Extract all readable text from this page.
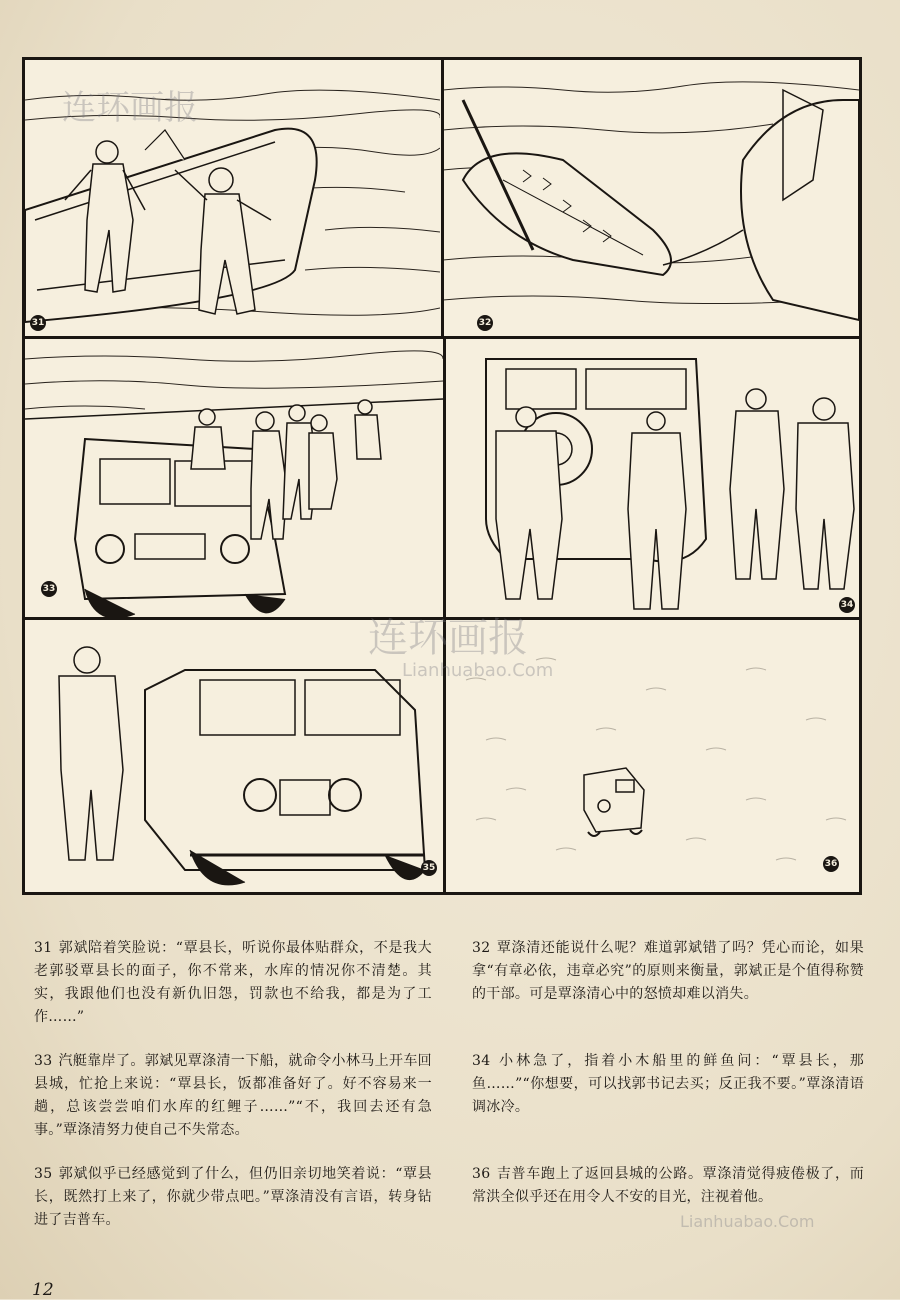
31	32
33
34
35	36
连环画报
连环画报
Lianhuabao.Com
Lianhuabao.Com
31 郭斌陪着笑脸说：“覃县长，听说你最体贴群众，不是我大老郭驳覃县长的面子，你不常来，水库的情况你不清楚。其实，我跟他们也没有新仇旧怨，罚款也不给我，都是为了工作……”
32 覃涤清还能说什么呢？难道郭斌错了吗？凭心而论，如果拿“有章必依，违章必究”的原则来衡量，郭斌正是个值得称赞的干部。可是覃涤清心中的怒愤却难以消失。
33 汽艇靠岸了。郭斌见覃涤清一下船，就命令小林马上开车回县城，忙抢上来说：“覃县长，饭都准备好了。好不容易来一趟，总该尝尝咱们水库的红鲤子……”“不，我回去还有急事。”覃涤清努力使自己不失常态。
34 小林急了，指着小木船里的鲜鱼问：“覃县长，那鱼……”“你想要，可以找郭书记去买；反正我不要。”覃涤清语调冰冷。
35 郭斌似乎已经感觉到了什么，但仍旧亲切地笑着说：“覃县长，既然打上来了，你就少带点吧。”覃涤清没有言语，转身钻进了吉普车。
36 吉普车跑上了返回县城的公路。覃涤清觉得疲倦极了，而常洪全似乎还在用令人不安的目光，注视着他。
12
